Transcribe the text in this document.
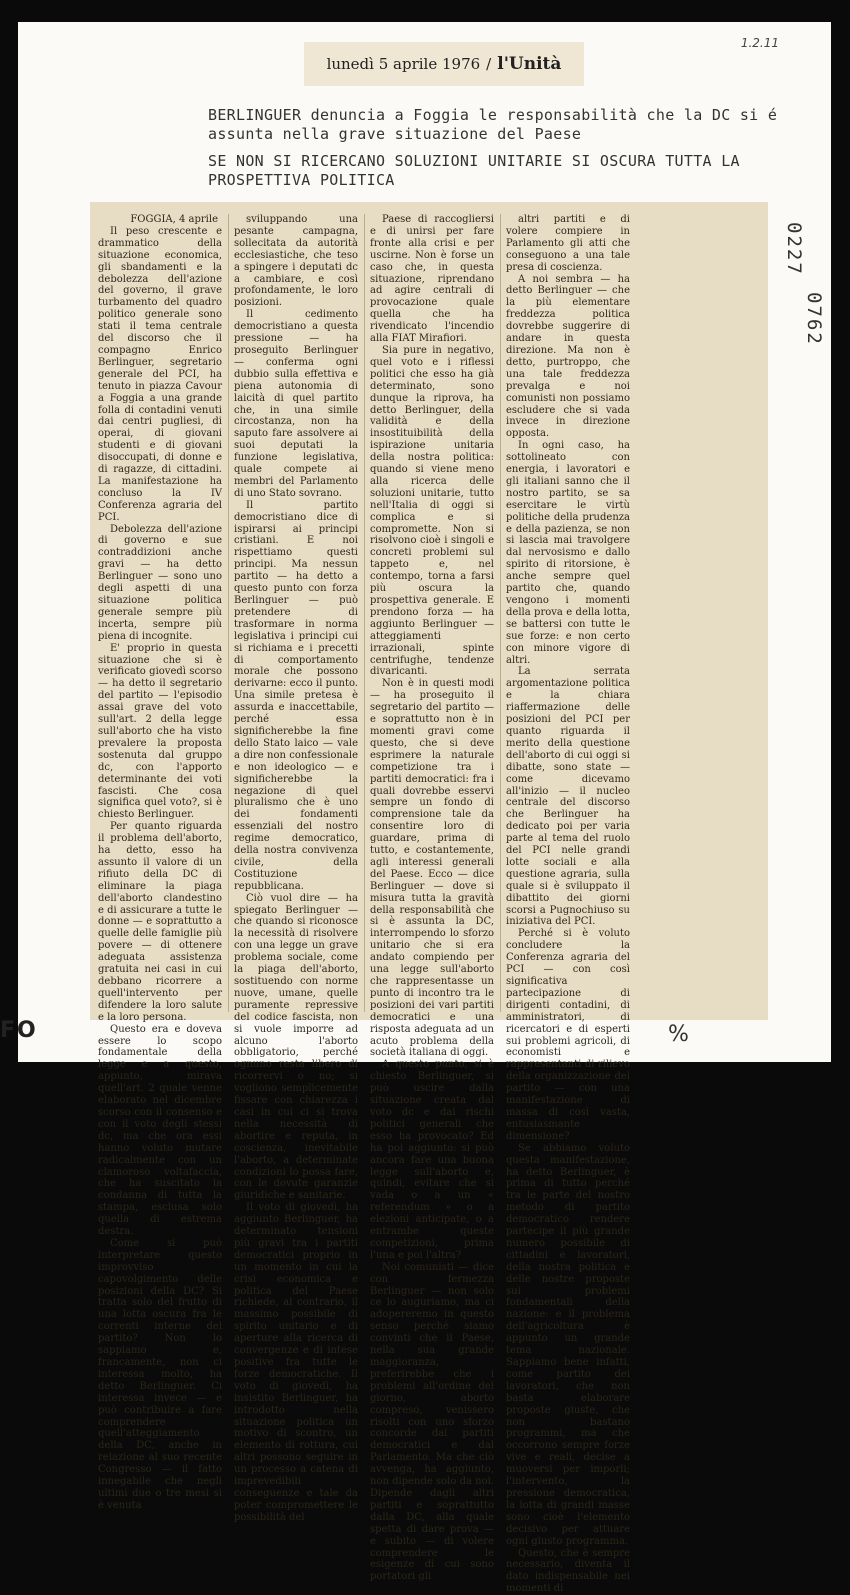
lunedì 5 aprile 1976 / l'Unità
1.2.11
BERLINGUER denuncia a Foggia le responsabilità che la DC si é assunta nella grave situazione del Paese
SE NON SI RICERCANO SOLUZIONI UNITARIE SI OSCURA TUTTA LA PROSPETTIVA POLITICA
0227
0762
FOGGIA, 4 aprile

Il peso crescente e drammatico della situazione economica, gli sbandamenti e la debolezza dell'azione del governo, il grave turbamento del quadro politico generale sono stati il tema centrale del discorso che il compagno Enrico Berlinguer, segretario generale del PCI, ha tenuto in piazza Cavour a Foggia a una grande folla di contadini venuti dai centri pugliesi, di operai, di giovani studenti e di giovani disoccupati, di donne e di ragazze, di cittadini. La manifestazione ha concluso la IV Conferenza agraria del PCI.

Debolezza dell'azione di governo e sue contraddizioni anche gravi — ha detto Berlinguer — sono uno degli aspetti di una situazione politica generale sempre più incerta, sempre più piena di incognite.

E' proprio in questa situazione che si è verificato giovedì scorso — ha detto il segretario del partito — l'episodio assai grave del voto sull'art. 2 della legge sull'aborto che ha visto prevalere la proposta sostenuta dal gruppo dc, con l'apporto determinante dei voti fascisti. Che cosa significa quel voto?, si è chiesto Berlinguer.

Per quanto riguarda il problema dell'aborto, ha detto, esso ha assunto il valore di un rifiuto della DC di eliminare la piaga dell'aborto clandestino e di assicurare a tutte le donne — e soprattutto a quelle delle famiglie più povere — di ottenere adeguata assistenza gratuita nei casi in cui debbano ricorrere a quell'intervento per difendere la loro salute e la loro persona.

Questo era e doveva essere lo scopo fondamentale della legge e a questo, appunto, mirava quell'art. 2 quale venne elaborato nel dicembre scorso con il consenso e con il voto degli stessi dc, ma che ora essi hanno voluto mutare radicalmente con un clamoroso voltafaccia, che ha suscitato la condanna di tutta la stampa, esclusa solo quella di estrema destra.

Come si può interpretare questo improvviso capovolgimento delle posizioni della DC? Si tratta solo del frutto di una lotta oscura fra le correnti interne del partito? Non lo sappiamo e, francamente, non ci interessa molto, ha detto Berlinguer. Ci interessa invece — e può contribuire a fare comprendere quell'atteggiamento della DC, anche in relazione al suo recente Congresso — il fatto innegabile che negli ultimi due o tre mesi si è venuta

sviluppando una pesante campagna, sollecitata da autorità ecclesiastiche, che teso a spingere i deputati dc a cambiare, e così profondamente, le loro posizioni.

Il cedimento democristiano a questa pressione — ha proseguito Berlinguer — conferma ogni dubbio sulla effettiva e piena autonomia di laicità di quel partito che, in una simile circostanza, non ha saputo fare assolvere ai suoi deputati la funzione legislativa, quale compete ai membri del Parlamento di uno Stato sovrano.

Il partito democristiano dice di ispirarsi ai principi cristiani. E noi rispettiamo questi principi. Ma nessun partito — ha detto a questo punto con forza Berlinguer — può pretendere di trasformare in norma legislativa i principi cui si richiama e i precetti di comportamento morale che possono derivarne: ecco il punto. Una simile pretesa è assurda e inaccettabile, perché essa significherebbe la fine dello Stato laico — vale a dire non confessionale e non ideologico — e significherebbe la negazione di quel pluralismo che è uno dei fondamenti essenziali del nostro regime democratico, della nostra convivenza civile, della Costituzione repubblicana.

Ciò vuol dire — ha spiegato Berlinguer — che quando si riconosce la necessità di risolvere con una legge un grave problema sociale, come la piaga dell'aborto, sostituendo con norme nuove, umane, quelle puramente repressive del codice fascista, non si vuole imporre ad alcuno l'aborto obbligatorio, perché ognuno resta libero di ricorrervi o no; si vogliono semplicemente fissare con chiarezza i casi in cui ci si trova nella necessità di abortire e reputa, in coscienza, inevitabile l'aborto, a determinate condizioni lo possa fare, con le dovute garanzie giuridiche e sanitarie.

Il voto di giovedì, ha aggiunto Berlinguer, ha determinato tensioni più gravi tra i partiti democratici proprio in un momento in cui la crisi economica e politica del Paese richiede, al contrario, il massimo possibile di spirito unitario e di aperture alla ricerca di convergenze e di intese positive fra tutte le forze democratiche. Il voto di giovedì, ha insistito Berlinguer, ha introdotto nella situazione politica un motivo di scontro, un elemento di rottura, cui altri possono seguire in un processo a catena di imprevedibili conseguenze e tale da poter compromettere le possibilità del

Paese di raccogliersi e di unirsi per fare fronte alla crisi e per uscirne. Non è forse un caso che, in questa situazione, riprendano ad agire centrali di provocazione quale quella che ha rivendicato l'incendio alla FIAT Mirafiori.

Sia pure in negativo, quel voto e i riflessi politici che esso ha già determinato, sono dunque la riprova, ha detto Berlinguer, della validità e della insostituibilità della ispirazione unitaria della nostra politica: quando si viene meno alla ricerca delle soluzioni unitarie, tutto nell'Italia di oggi si complica e si compromette. Non si risolvono cioè i singoli e concreti problemi sul tappeto e, nel contempo, torna a farsi più oscura la prospettiva generale. E prendono forza — ha aggiunto Berlinguer — atteggiamenti irrazionali, spinte centrifughe, tendenze divaricanti.

Non è in questi modi — ha proseguito il segretario del partito — e soprattutto non è in momenti gravi come questo, che si deve esprimere la naturale competizione tra i partiti democratici: fra i quali dovrebbe esservi sempre un fondo di comprensione tale da consentire loro di guardare, prima di tutto, e costantemente, agli interessi generali del Paese. Ecco — dice Berlinguer — dove si misura tutta la gravità della responsabilità che si è assunta la DC, interrompendo lo sforzo unitario che si era andato compiendo per una legge sull'aborto che rappresentasse un punto di incontro tra le posizioni dei vari partiti democratici e una risposta adeguata ad un acuto problema della società italiana di oggi.

A questo punto, si è chiesto Berlinguer, si può uscire dalla situazione creata dal voto dc e dai rischi politici generali che esso ha provocato? Ed ha poi aggiunto: si può ancora fare una buona legge sull'aborto e, quindi, evitare che si vada o a un « referendum » o a elezioni anticipate, o a entrambe queste competizioni, prima l'una e poi l'altra?

Noi comunisti — dice con fermezza Berlinguer — non solo ce lo auguriamo, ma ci adopereremo in questo senso perché siamo convinti che il Paese, nella sua grande maggioranza, preferirebbe che i problemi all'ordine del giorno, aborto compreso, venissero risolti con uno sforzo concorde dai partiti democratici e dal Parlamento. Ma che ciò avvenga, ha aggiunto, non dipende solo da noi. Dipende dagli altri partiti e soprattutto dalla DC, alla quale spetta di dare prova — e subito — di volere comprendere le esigenze di cui sono portatori gli

altri partiti e di volere compiere in Parlamento gli atti che conseguono a una tale presa di coscienza.

A noi sembra — ha detto Berlinguer — che la più elementare freddezza politica dovrebbe suggerire di andare in questa direzione. Ma non è detto, purtroppo, che una tale freddezza prevalga e noi comunisti non possiamo escludere che si vada invece in direzione opposta.

In ogni caso, ha sottolineato con energia, i lavoratori e gli italiani sanno che il nostro partito, se sa esercitare le virtù politiche della prudenza e della pazienza, se non si lascia mai travolgere dal nervosismo e dallo spirito di ritorsione, è anche sempre quel partito che, quando vengono i momenti della prova e della lotta, se battersi con tutte le sue forze: e non certo con minore vigore di altri.

La serrata argomentazione politica e la chiara riaffermazione delle posizioni del PCI per quanto riguarda il merito della questione dell'aborto di cui oggi si dibatte, sono state — come dicevamo all'inizio — il nucleo centrale del discorso che Berlinguer ha dedicato poi per varia parte al tema del ruolo del PCI nelle grandi lotte sociali e alla questione agraria, sulla quale si è sviluppato il dibattito dei giorni scorsi a Pugnochiuso su iniziativa del PCI.

Perché si è voluto concludere la Conferenza agraria del PCI — con così significativa partecipazione di dirigenti contadini, di amministratori, di ricercatori e di esperti sui problemi agricoli, di economisti e rappresentanti di rilievo della organizzazione del partito — con una manifestazione di massa di così vasta, entusiasmante dimensione?

Se abbiamo voluto questa manifestazione, ha detto Berlinguer, è prima di tutto perché tra le parte del nostro metodo di partito democratico rendere partecipe il più grande numero possibile di cittadini e lavoratori, della nostra politica e delle nostre proposte sui problemi fondamentali della nazione: e il problema dell'agricoltura è appunto un grande tema nazionale. Sappiamo bene infatti, come partito dei lavoratori, che non basta elaborare proposte giuste, che non bastano programmi, ma che occorrono sempre forze vive e reali, decise a muoversi per imporli; l'intervento, la pressione democratica, la lotta di grandi masse sono cioè l'elemento decisivo per attuare ogni giusto programma.

Questo, che è sempre necessario, diventa il dato indispensabile nei momenti di

%
FO
